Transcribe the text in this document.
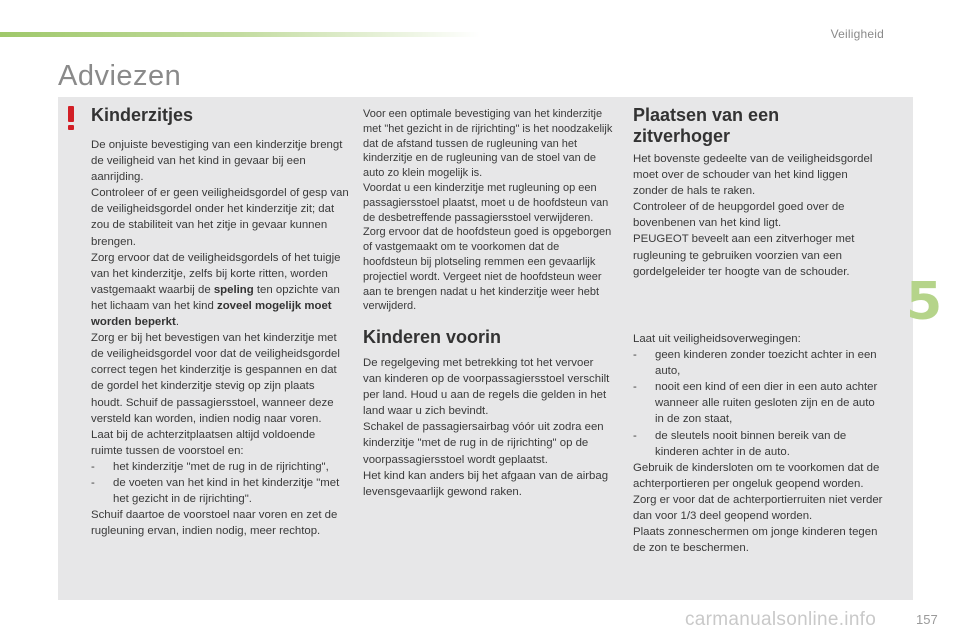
Veiligheid
Adviezen
Kinderzitjes

De onjuiste bevestiging van een kinderzitje brengt de veiligheid van het kind in gevaar bij een aanrijding.

Controleer of er geen veiligheidsgordel of gesp van de veiligheidsgordel onder het kinderzitje zit; dat zou de stabiliteit van het zitje in gevaar kunnen brengen.

Zorg ervoor dat de veiligheidsgordels of het tuigje van het kinderzitje, zelfs bij korte ritten, worden vastgemaakt waarbij de speling ten opzichte van het lichaam van het kind zoveel mogelijk moet worden beperkt.

Zorg er bij het bevestigen van het kinderzitje met de veiligheidsgordel voor dat de veiligheidsgordel correct tegen het kinderzitje is gespannen en dat de gordel het kinderzitje stevig op zijn plaats houdt. Schuif de passagiersstoel, wanneer deze versteld kan worden, indien nodig naar voren.

Laat bij de achterzitplaatsen altijd voldoende ruimte tussen de voorstoel en:

-	het kinderzitje "met de rug in de rijrichting",
-	de voeten van het kind in het kinderzitje "met het gezicht in de rijrichting".

Schuif daartoe de voorstoel naar voren en zet de rugleuning ervan, indien nodig, meer rechtop.

Voor een optimale bevestiging van het kinderzitje met "het gezicht in de rijrichting" is het noodzakelijk dat de afstand tussen de rugleuning van het kinderzitje en de rugleuning van de stoel van de auto zo klein mogelijk is.

Voordat u een kinderzitje met rugleuning op een passagiersstoel plaatst, moet u de hoofdsteun van de desbetreffende passagiersstoel verwijderen.

Zorg ervoor dat de hoofdsteun goed is opgeborgen of vastgemaakt om te voorkomen dat de hoofdsteun bij plotseling remmen een gevaarlijk projectiel wordt. Vergeet niet de hoofdsteun weer aan te brengen nadat u het kinderzitje weer hebt verwijderd.

Kinderen voorin

De regelgeving met betrekking tot het vervoer van kinderen op de voorpassagiersstoel verschilt per land. Houd u aan de regels die gelden in het land waar u zich bevindt.

Schakel de passagiersairbag vóór uit zodra een kinderzitje "met de rug in de rijrichting" op de voorpassagiersstoel wordt geplaatst.

Het kind kan anders bij het afgaan van de airbag levensgevaarlijk gewond raken.

Plaatsen van een zitverhoger

Het bovenste gedeelte van de veiligheidsgordel moet over de schouder van het kind liggen zonder de hals te raken.

Controleer of de heupgordel goed over de bovenbenen van het kind ligt.

PEUGEOT beveelt aan een zitverhoger met rugleuning te gebruiken voorzien van een gordelgeleider ter hoogte van de schouder.

Laat uit veiligheidsoverwegingen:

-	geen kinderen zonder toezicht achter in een auto,
-	nooit een kind of een dier in een auto achter wanneer alle ruiten gesloten zijn en de auto in de zon staat,
-	de sleutels nooit binnen bereik van de kinderen achter in de auto.

Gebruik de kindersloten om te voorkomen dat de achterportieren per ongeluk geopend worden.

Zorg er voor dat de achterportierruiten niet verder dan voor 1/3 deel geopend worden.

Plaats zonneschermen om jonge kinderen tegen de zon te beschermen.

5
carmanualsonline.info	157
